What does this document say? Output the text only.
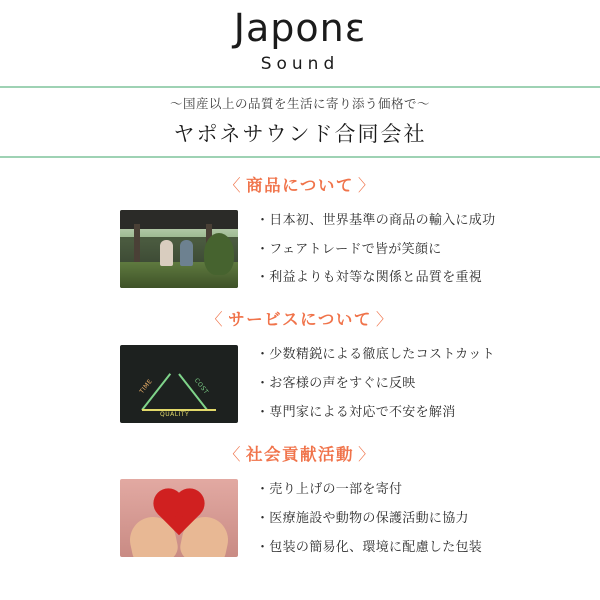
Japonε
Sound
〜国産以上の品質を生活に寄り添う価格で〜
ヤポネサウンド合同会社
〈 商品について 〉
・日本初、世界基準の商品の輸入に成功
・フェアトレードで皆が笑顔に
・利益よりも対等な関係と品質を重視
〈 サービスについて 〉
TIME	COST
QUALITY
・少数精鋭による徹底したコストカット
・お客様の声をすぐに反映
・専門家による対応で不安を解消
〈 社会貢献活動 〉
・売り上げの一部を寄付
・医療施設や動物の保護活動に協力
・包装の簡易化、環境に配慮した包装
